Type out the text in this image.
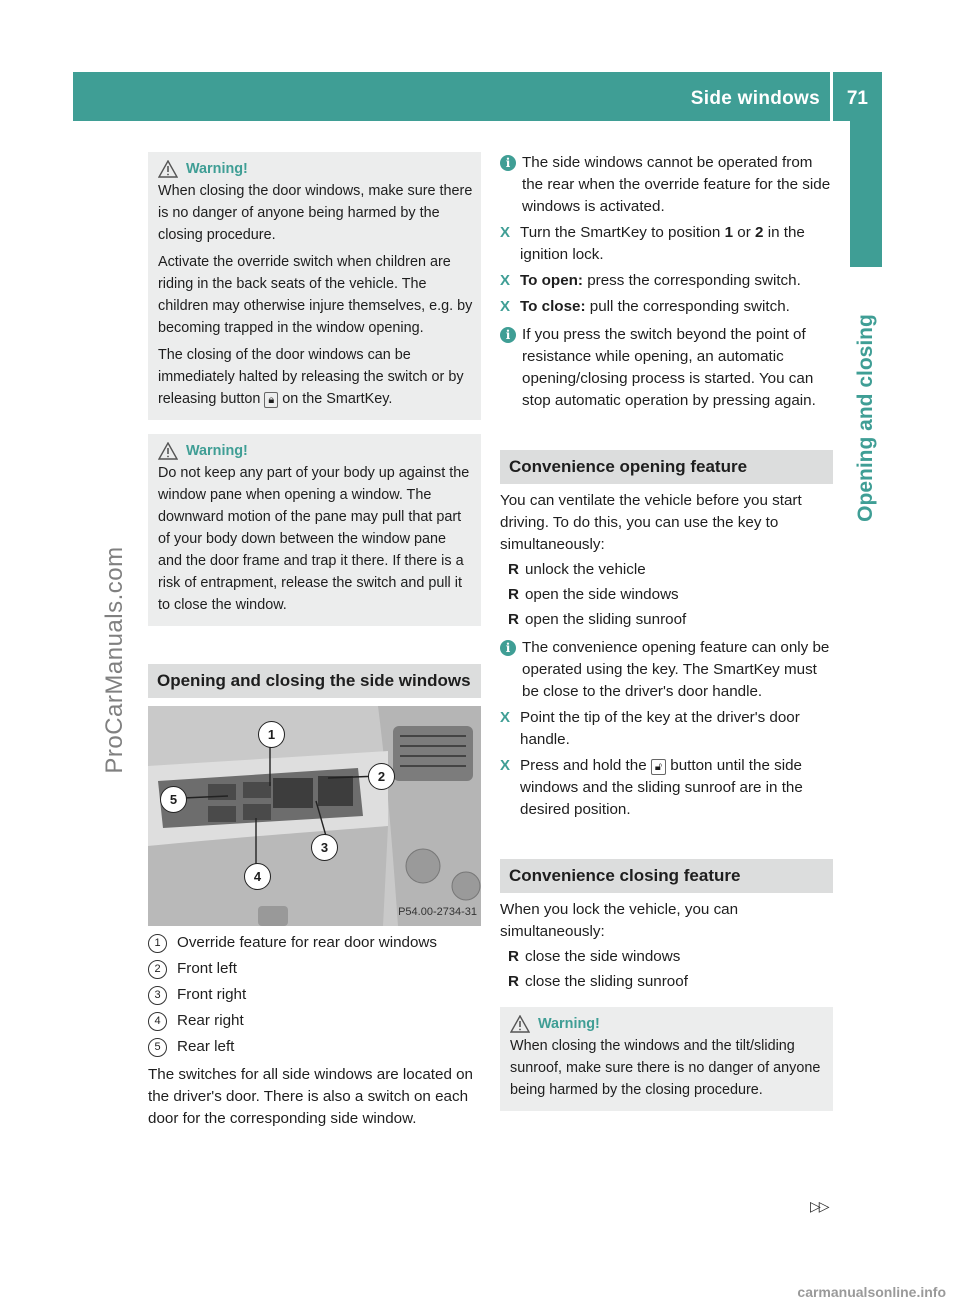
Side windows 71
Opening and closing
ProCarManuals.com
carmanualsonline.info
Warning!

When closing the door windows, make sure there is no danger of anyone being harmed by the closing procedure.

Activate the override switch when children are riding in the back seats of the vehicle. The children may otherwise injure themselves, e.g. by becoming trapped in the window opening.

The closing of the door windows can be immediately halted by releasing the switch or by releasing button 🔒︎ on the SmartKey.

Warning!

Do not keep any part of your body up against the window pane when opening a window. The downward motion of the pane may pull that part of your body down between the window pane and the door frame and trap it there. If there is a risk of entrapment, release the switch and pull it to close the window.

Opening and closing the side windows
1
2
3
4
5
P54.00-2734-31
1	Override feature for rear door windows
2	Front left
3	Front right
4	Rear right
5	Rear left

The switches for all side windows are located on the driver's door. There is also a switch on each door for the corresponding side window.

i The side windows cannot be operated from the rear when the override feature for the side windows is activated.
X Turn the SmartKey to position 1 or 2 in the ignition lock.
X To open: press the corresponding switch.
X To close: pull the corresponding switch.
i If you press the switch beyond the point of resistance while opening, an automatic opening/closing process is started. You can stop automatic operation by pressing again.
Convenience opening feature

You can ventilate the vehicle before you start driving. To do this, you can use the key to simultaneously:

R unlock the vehicle
R open the side windows
R open the sliding sunroof
i The convenience opening feature can only be operated using the key. The SmartKey must be close to the driver's door handle.
X Point the tip of the key at the driver's door handle.
X Press and hold the 🔓︎ button until the side windows and the sliding sunroof are in the desired position.
Convenience closing feature

When you lock the vehicle, you can simultaneously:

R close the side windows
R close the sliding sunroof
Warning!

When closing the windows and the tilt/sliding sunroof, make sure there is no danger of anyone being harmed by the closing procedure.

▷▷
